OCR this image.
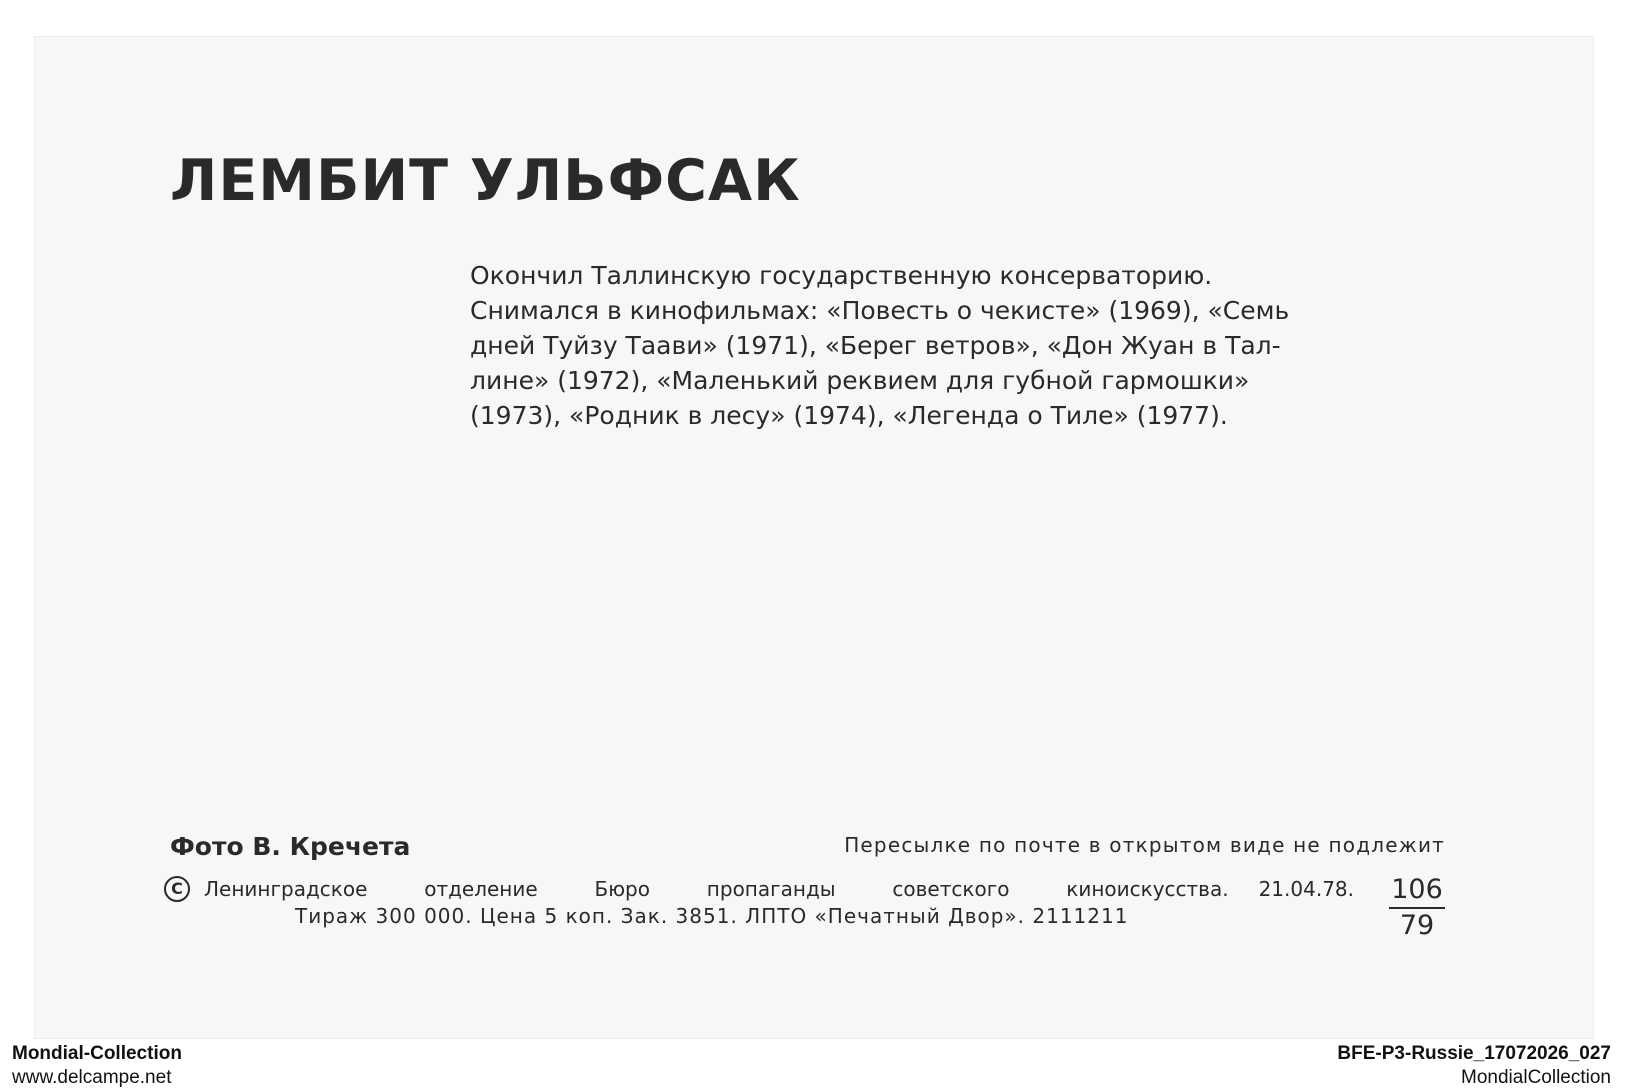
ЛЕМБИТ УЛЬФСАК
Окончил Таллинскую государственную консерваторию.
Снимался в кинофильмах: «Повесть о чекисте» (1969), «Семь
дней Туйзу Таави» (1971), «Берег ветров», «Дон Жуан в Тал-
лине» (1972), «Маленький реквием для губной гармошки»
(1973), «Родник в лесу» (1974), «Легенда о Тиле» (1977).
Фото В. Кречета	Пересылке по почте в открытом виде не подлежит
C	Ленинградское	отделение	Бюро	пропаганды	советского	киноискусства. 21.04.78.
Тираж 300 000. Цена 5 коп. Зак. 3851. ЛПТО «Печатный Двор». 2111211
106
79
Mondial-Collection
www.delcampe.net
BFE-P3-Russie_17072026_027
MondialCollection
